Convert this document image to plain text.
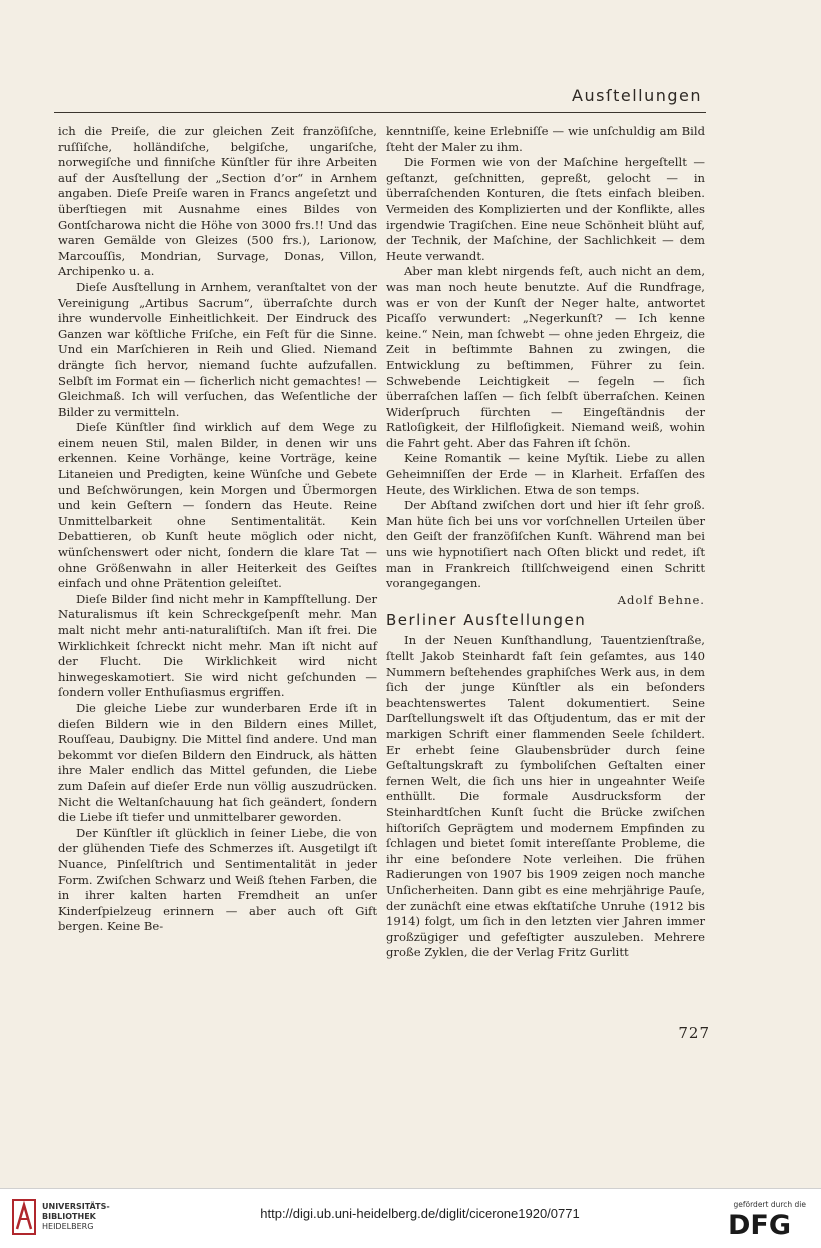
Ausſtellungen

ich die Preiſe, die zur gleichen Zeit franzöſiſche, ruſſiſche, holländiſche, belgiſche, ungariſche, norwegiſche und finniſche Künſtler für ihre Arbeiten auf der Ausſtellung der „Section d’or“ in Arnhem angaben. Dieſe Preiſe waren in Francs angeſetzt und überſtiegen mit Ausnahme eines Bildes von Gontſcharowa nicht die Höhe von 3000 frs.!! Und das waren Gemälde von Gleizes (500 frs.), Larionow, Marcouſſis, Mondrian, Survage, Donas, Villon, Archipenko u. a.

Dieſe Ausſtellung in Arnhem, veranſtaltet von der Vereinigung „Artibus Sacrum“, überraſchte durch ihre wundervolle Einheitlichkeit. Der Eindruck des Ganzen war köſtliche Friſche, ein Feſt für die Sinne. Und ein Marſchieren in Reih und Glied. Niemand drängte ſich hervor, niemand ſuchte aufzufallen. Selbſt im Format ein — ſicherlich nicht gemachtes! — Gleichmaß. Ich will verſuchen, das Weſentliche der Bilder zu vermitteln.

Dieſe Künſtler ſind wirklich auf dem Wege zu einem neuen Stil, malen Bilder, in denen wir uns erkennen. Keine Vorhänge, keine Vorträge, keine Litaneien und Predigten, keine Wünſche und Gebete und Beſchwörungen, kein Morgen und Übermorgen und kein Geſtern — ſondern das Heute. Reine Unmittelbarkeit ohne Sentimentalität. Kein Debattieren, ob Kunſt heute möglich oder nicht, wünſchenswert oder nicht, ſondern die klare Tat — ohne Größenwahn in aller Heiterkeit des Geiſtes einfach und ohne Prätention geleiſtet.

Dieſe Bilder ſind nicht mehr in Kampfſtellung. Der Naturalismus iſt kein Schreckgeſpenſt mehr. Man malt nicht mehr anti-naturaliſtiſch. Man iſt frei. Die Wirklichkeit ſchreckt nicht mehr. Man iſt nicht auf der Flucht. Die Wirklichkeit wird nicht hinwegeskamotiert. Sie wird nicht geſchunden — ſondern voller Enthuſiasmus ergriffen.

Die gleiche Liebe zur wunderbaren Erde iſt in dieſen Bildern wie in den Bildern eines Millet, Rouſſeau, Daubigny. Die Mittel ſind andere. Und man bekommt vor dieſen Bildern den Eindruck, als hätten ihre Maler endlich das Mittel gefunden, die Liebe zum Daſein auf dieſer Erde nun völlig auszudrücken. Nicht die Weltanſchauung hat ſich geändert, ſondern die Liebe iſt tiefer und unmittelbarer geworden.

Der Künſtler iſt glücklich in ſeiner Liebe, die von der glühenden Tiefe des Schmerzes iſt. Ausgetilgt iſt Nuance, Pinſelſtrich und Sentimentalität in jeder Form. Zwiſchen Schwarz und Weiß ſtehen Farben, die in ihrer kalten harten Fremdheit an unſer Kinderſpielzeug erinnern — aber auch oft Gift bergen. Keine Be-

kenntniſſe, keine Erlebniſſe — wie unſchuldig am Bild ſteht der Maler zu ihm.

Die Formen wie von der Maſchine hergeſtellt — geſtanzt, geſchnitten, gepreßt, gelocht — in überraſchenden Konturen, die ſtets einfach bleiben. Vermeiden des Komplizierten und der Konflikte, alles irgendwie Tragiſchen. Eine neue Schönheit blüht auf, der Technik, der Maſchine, der Sachlichkeit — dem Heute verwandt.

Aber man klebt nirgends feſt, auch nicht an dem, was man noch heute benutzte. Auf die Rundfrage, was er von der Kunſt der Neger halte, antwortet Picaſſo verwundert: „Negerkunſt? — Ich kenne keine.“ Nein, man ſchwebt — ohne jeden Ehrgeiz, die Zeit in beſtimmte Bahnen zu zwingen, die Entwicklung zu beſtimmen, Führer zu ſein. Schwebende Leichtigkeit — ſegeln — ſich überraſchen laſſen — ſich ſelbſt überraſchen. Keinen Widerſpruch fürchten — Eingeſtändnis der Ratloſigkeit, der Hilfloſigkeit. Niemand weiß, wohin die Fahrt geht. Aber das Fahren iſt ſchön.

Keine Romantik — keine Myſtik. Liebe zu allen Geheimniſſen der Erde — in Klarheit. Erfaſſen des Heute, des Wirklichen. Etwa de son temps.

Der Abſtand zwiſchen dort und hier iſt ſehr groß. Man hüte ſich bei uns vor vorſchnellen Urteilen über den Geiſt der franzöſiſchen Kunſt. Während man bei uns wie hypnotiſiert nach Oſten blickt und redet, iſt man in Frankreich ſtillſchweigend einen Schritt vorangegangen.

Adolf Behne.

Berliner Ausſtellungen

In der Neuen Kunſthandlung, Tauentzienſtraße, ſtellt Jakob Steinhardt faſt ſein geſamtes, aus 140 Nummern beſtehendes graphiſches Werk aus, in dem ſich der junge Künſtler als ein beſonders beachtenswertes Talent dokumentiert. Seine Darſtellungswelt iſt das Oſtjudentum, das er mit der markigen Schrift einer flammenden Seele ſchildert. Er erhebt ſeine Glaubensbrüder durch ſeine Geſtaltungskraft zu ſymboliſchen Geſtalten einer fernen Welt, die ſich uns hier in ungeahnter Weiſe enthüllt. Die formale Ausdrucksform der Steinhardtſchen Kunſt ſucht die Brücke zwiſchen hiſtoriſch Geprägtem und modernem Empfinden zu ſchlagen und bietet ſomit intereſſante Probleme, die ihr eine beſondere Note verleihen. Die frühen Radierungen von 1907 bis 1909 zeigen noch manche Unſicherheiten. Dann gibt es eine mehrjährige Pauſe, der zunächſt eine etwas ekſtatiſche Unruhe (1912 bis 1914) folgt, um ſich in den letzten vier Jahren immer großzügiger und gefeſtigter auszuleben. Mehrere große Zyklen, die der Verlag Fritz Gurlitt

727
UNIVERSITÄTS-
BIBLIOTHEK
HEIDELBERG
http://digi.ub.uni-heidelberg.de/diglit/cicerone1920/0771
gefördert durch die
DFG
